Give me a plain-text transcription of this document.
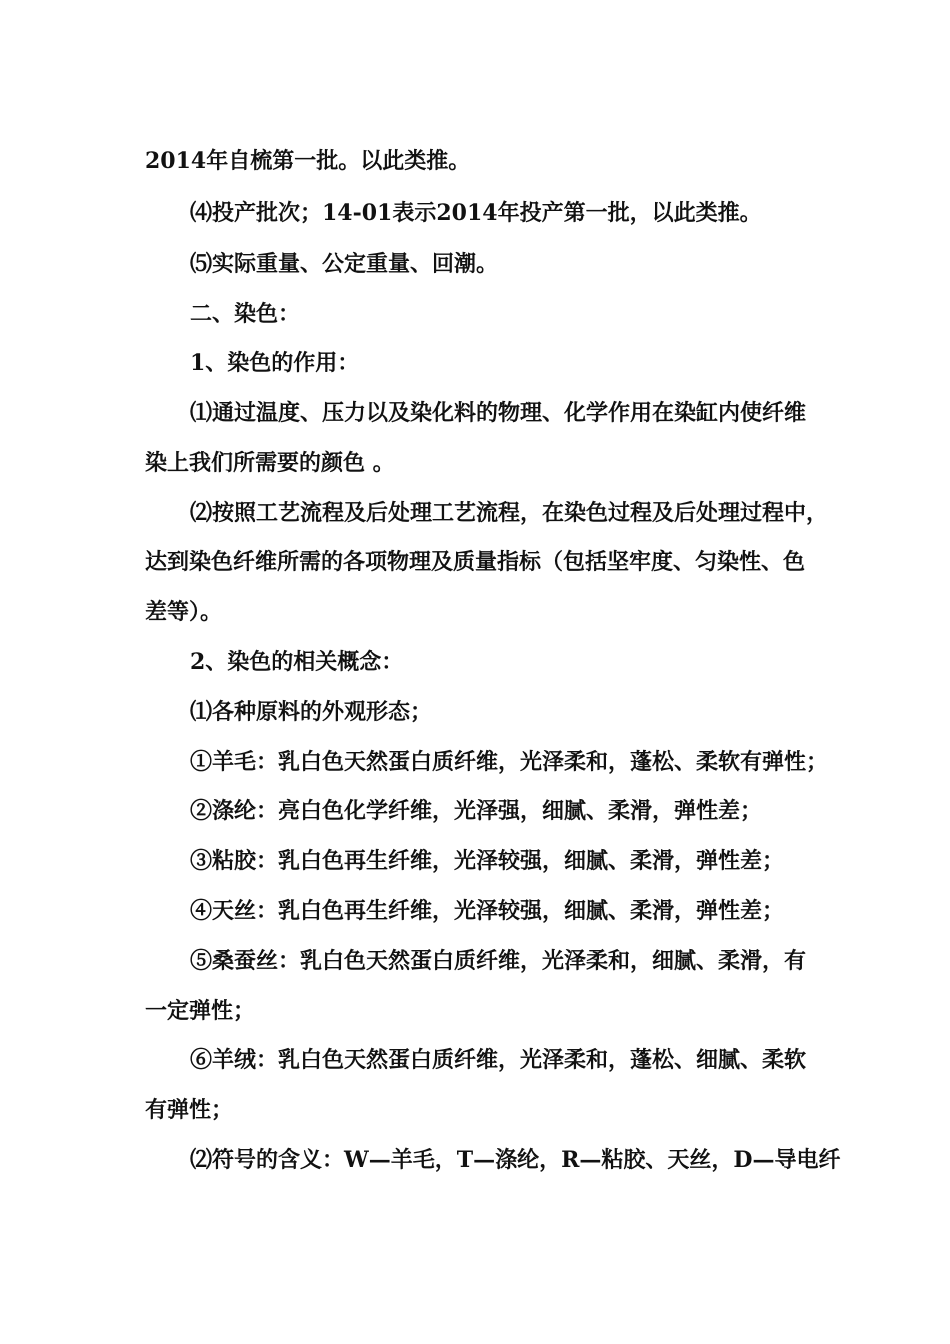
2014年自梳第一批。以此类推。
⑷投产批次；14-01表示2014年投产第一批，以此类推。
⑸实际重量、公定重量、回潮。
二、染色：
1、染色的作用：
⑴通过温度、压力以及染化料的物理、化学作用在染缸内使纤维
染上我们所需要的颜色 。
⑵按照工艺流程及后处理工艺流程，在染色过程及后处理过程中，
达到染色纤维所需的各项物理及质量指标（包括坚牢度、匀染性、色
差等）。
2、染色的相关概念：
⑴各种原料的外观形态；
①羊毛：乳白色天然蛋白质纤维，光泽柔和，蓬松、柔软有弹性；
②涤纶：亮白色化学纤维，光泽强，细腻、柔滑，弹性差；
③粘胶：乳白色再生纤维，光泽较强，细腻、柔滑，弹性差；
④天丝：乳白色再生纤维，光泽较强，细腻、柔滑，弹性差；
⑤桑蚕丝：乳白色天然蛋白质纤维，光泽柔和，细腻、柔滑，有
一定弹性；
⑥羊绒：乳白色天然蛋白质纤维，光泽柔和，蓬松、细腻、柔软
有弹性；
⑵符号的含义：W—羊毛，T—涤纶，R—粘胶、天丝，D—导电纤
